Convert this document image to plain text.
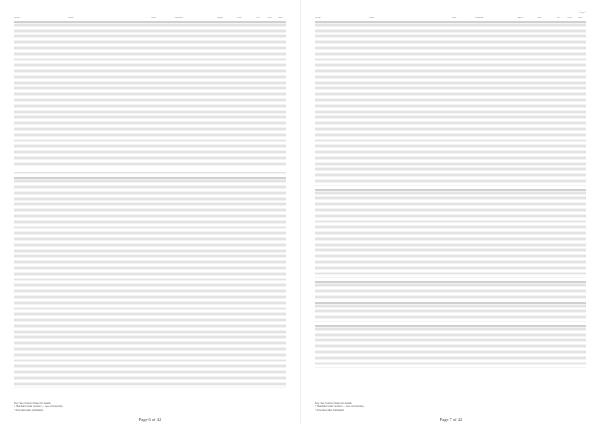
Group	Name	Code	Standard	Signal	Level	Ver.	Date	Note
Key: See Column Notes for details
† Standard under revision — see commentary
* Amended after publication
Page 6 of 42
Page 7
Group	Name	Code	Standard	Signal	Level	Ver.	Date	Note
Key: See Column Notes for details
† Standard under revision — see commentary
* Amended after publication
Page 7 of 42
